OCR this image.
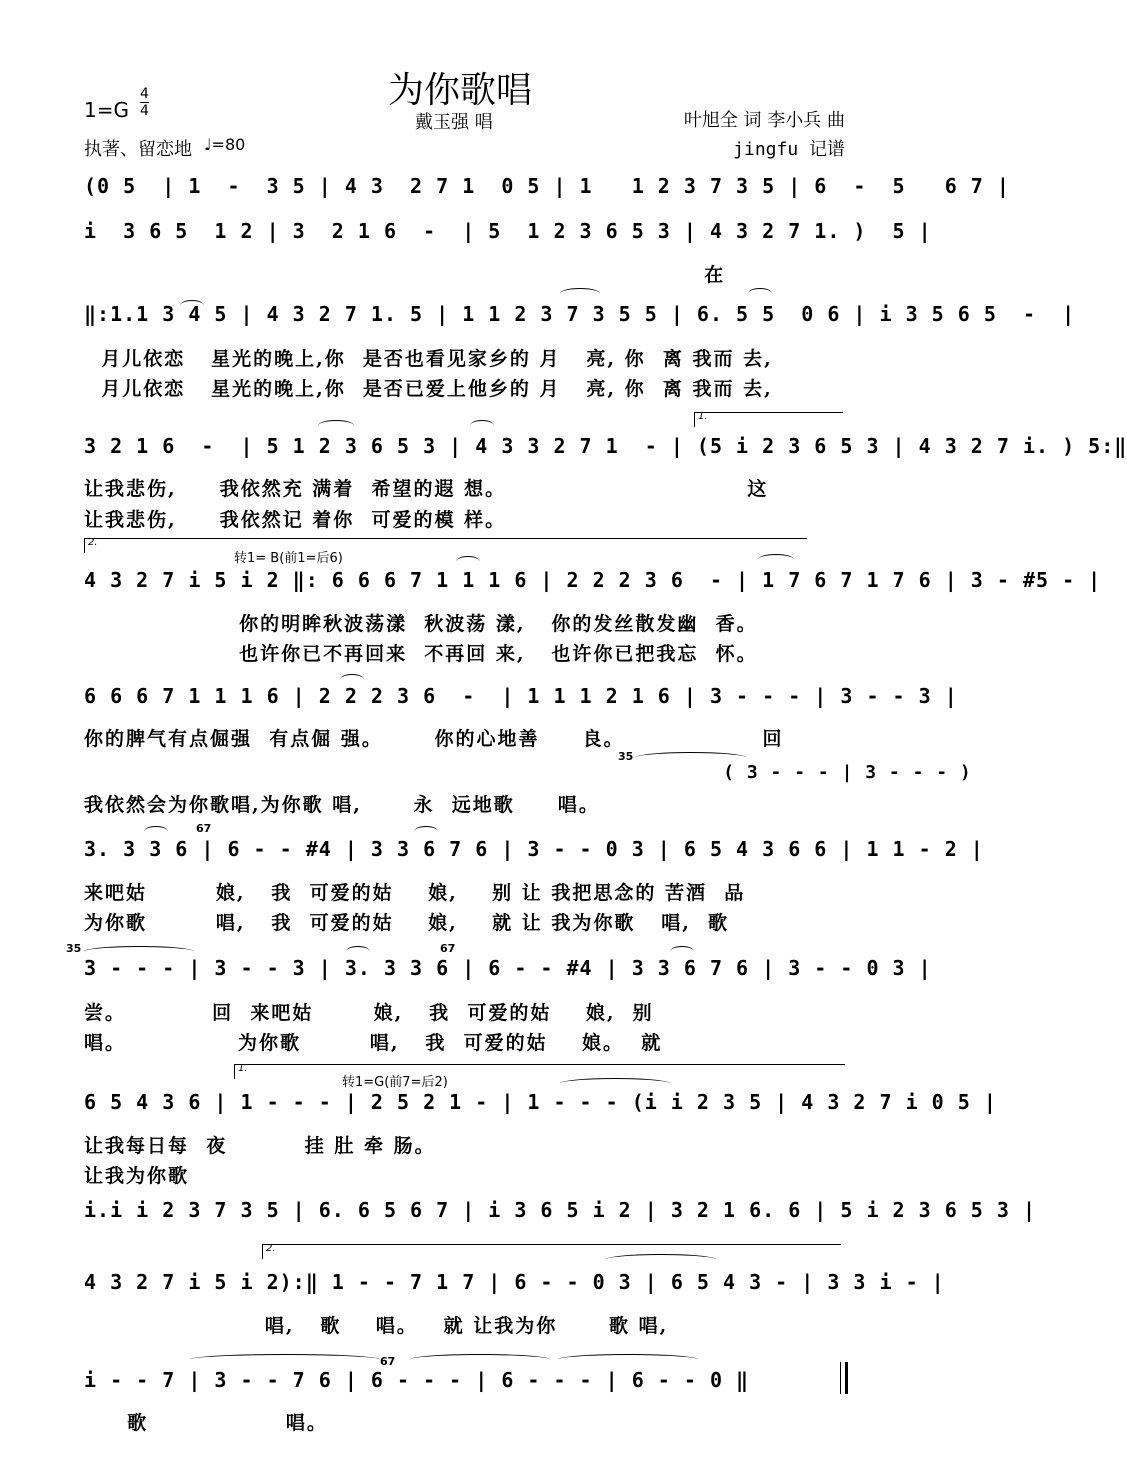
为你歌唱
1=G
4
4
戴玉强 唱	叶旭全 词 李小兵 曲
执著、留恋地 ♩=80	jingfu 记谱
(0 5  | 1  -  3 5 | 4 3  2 7 1  0 5 | 1   1 2 3 7 3 5 | 6  -  5   6 7 |
i  3 6 5  1 2 | 3  2 1 6  -  | 5  1 2 3 6 5 3 | 4 3 2 7 1. )  5 |
在
‖:1.1 3 4 5 | 4 3 2 7 1. 5 | 1 1 2 3 7 3 5 5 | 6. 5 5  0 6 | i 3 5 6 5  -  |
月儿依恋   星光的晚上,你  是否也看见家乡的 月   亮, 你  离 我而 去,
月儿依恋   星光的晚上,你  是否已爱上他乡的 月   亮, 你  离 我而 去,
1.
3 2 1 6  -  | 5 1 2 3 6 5 3 | 4 3 3 2 7 1  - | (5 i 2 3 6 5 3 | 4 3 2 7 i. ) 5:‖
让我悲伤,     我依然充 满着  希望的遐 想。                            这
让我悲伤,     我依然记 着你  可爱的模 样。
2.
转1= B(前1=后6)
4 3 2 7 i 5 i 2 ‖: 6 6 6 7 1 1 1 6 | 2 2 2 3 6  - | 1 7 6 7 1 7 6 | 3 - #5 - |
你的明眸秋波荡漾  秋波荡 漾,   你的发丝散发幽  香。
也许你已不再回来  不再回 来,   也许你已把我忘  怀。
6 6 6 7 1 1 1 6 | 2 2 2 3 6  -  | 1 1 1 2 1 6 | 3 - - - | 3 - - 3 |
你的脾气有点倔强  有点倔 强。      你的心地善     良。                回
35
( 3 - - - | 3 - - - )
我依然会为你歌唱,为你歌 唱,      永  远地歌     唱。
67
3. 3 3 6 | 6 - - #4 | 3 3 6 7 6 | 3 - - 0 3 | 6 5 4 3 6 6 | 1 1 - 2 |
来吧姑        娘,   我  可爱的姑    娘,    别 让 我把思念的 苦酒  品
为你歌        唱,   我  可爱的姑    娘,    就 让 我为你歌   唱,  歌
35	67
3 - - - | 3 - - 3 | 3. 3 3 6 | 6 - - #4 | 3 3 6 7 6 | 3 - - 0 3 |
尝。          回  来吧姑       娘,   我  可爱的姑    娘,  别
唱。             为你歌        唱,   我  可爱的姑    娘。  就
1.
转1=G(前7=后2)
6 5 4 3 6 | 1 - - - | 2 5 2 1 - | 1 - - - (i i 2 3 5 | 4 3 2 7 i 0 5 |
让我每日每  夜         挂 肚 牵 肠。
让我为你歌
i.i i 2 3 7 3 5 | 6. 6 5 6 7 | i 3 6 5 i 2 | 3 2 1 6. 6 | 5 i 2 3 6 5 3 |
2.
4 3 2 7 i 5 i 2):‖ 1 - - 7 1 7 | 6 - - 0 3 | 6 5 4 3 - | 3 3 i - |
唱,   歌    唱。   就 让我为你      歌 唱,
67
i - - 7 | 3 - - 7 6 | 6 - - - | 6 - - - | 6 - - 0 ‖
歌                唱。
